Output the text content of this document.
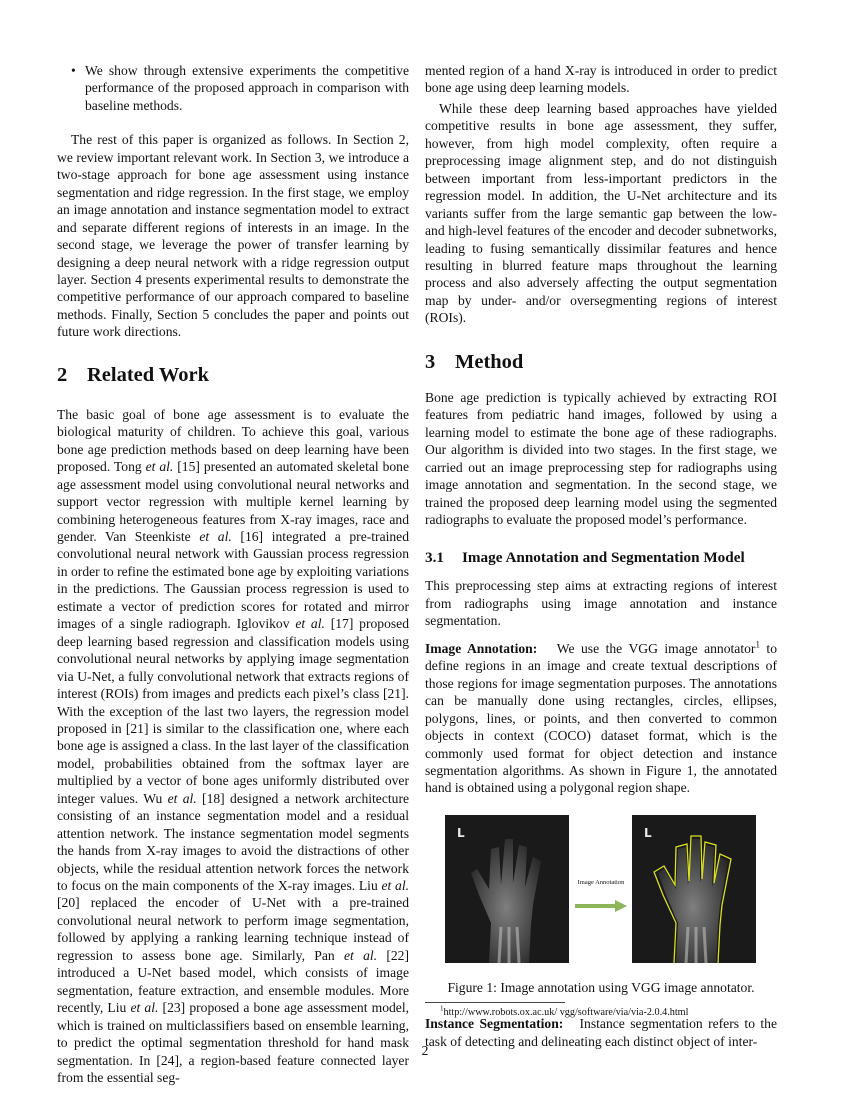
• We show through extensive experiments the competitive performance of the proposed approach in comparison with baseline methods.

The rest of this paper is organized as follows. In Section 2, we review important relevant work. In Section 3, we introduce a two-stage approach for bone age assessment using instance segmentation and ridge regression. In the first stage, we employ an image annotation and instance segmentation model to extract and separate different regions of interests in an image. In the second stage, we leverage the power of transfer learning by designing a deep neural network with a ridge regression output layer. Section 4 presents experimental results to demonstrate the competitive performance of our approach compared to baseline methods. Finally, Section 5 concludes the paper and points out future work directions.

2 Related Work

The basic goal of bone age assessment is to evaluate the biological maturity of children. To achieve this goal, various bone age prediction methods based on deep learning have been proposed. Tong et al. [15] presented an automated skeletal bone age assessment model using convolutional neural networks and support vector regression with multiple kernel learning by combining heterogeneous features from X-ray images, race and gender. Van Steenkiste et al. [16] integrated a pre-trained convolutional neural network with Gaussian process regression in order to refine the estimated bone age by exploiting variations in the predictions. The Gaussian process regression is used to estimate a vector of prediction scores for rotated and mirror images of a single radiograph. Iglovikov et al. [17] proposed deep learning based regression and classification models using convolutional neural networks by applying image segmentation via U-Net, a fully convolutional network that extracts regions of interest (ROIs) from images and predicts each pixel’s class [21]. With the exception of the last two layers, the regression model proposed in [21] is similar to the classification one, where each bone age is assigned a class. In the last layer of the classification model, probabilities obtained from the softmax layer are multiplied by a vector of bone ages uniformly distributed over integer values. Wu et al. [18] designed a network architecture consisting of an instance segmentation model and a residual attention network. The instance segmentation model segments the hands from X-ray images to avoid the distractions of other objects, while the residual attention network forces the network to focus on the main components of the X-ray images. Liu et al. [20] replaced the encoder of U-Net with a pre-trained convolutional neural network to perform image segmentation, followed by applying a ranking learning technique instead of regression to assess bone age. Similarly, Pan et al. [22] introduced a U-Net based model, which consists of image segmentation, feature extraction, and ensemble modules. More recently, Liu et al. [23] proposed a bone age assessment model, which is trained on multiclassifiers based on ensemble learning, to predict the optimal segmentation threshold for hand mask segmentation. In [24], a region-based feature connected layer from the essential seg-

mented region of a hand X-ray is introduced in order to predict bone age using deep learning models.

While these deep learning based approaches have yielded competitive results in bone age assessment, they suffer, however, from high model complexity, often require a preprocessing image alignment step, and do not distinguish between important from less-important predictors in the regression model. In addition, the U-Net architecture and its variants suffer from the large semantic gap between the low- and high-level features of the encoder and decoder subnetworks, leading to fusing semantically dissimilar features and hence resulting in blurred feature maps throughout the learning process and also adversely affecting the output segmentation map by under- and/or oversegmenting regions of interest (ROIs).

3 Method

Bone age prediction is typically achieved by extracting ROI features from pediatric hand images, followed by using a learning model to estimate the bone age of these radiographs. Our algorithm is divided into two stages. In the first stage, we carried out an image preprocessing step for radiographs using image annotation and segmentation. In the second stage, we trained the proposed deep learning model using the segmented radiographs to evaluate the proposed model’s performance.

3.1 Image Annotation and Segmentation Model

This preprocessing step aims at extracting regions of interest from radiographs using image annotation and instance segmentation.

Image Annotation: We use the VGG image annotator$^1$ to define regions in an image and create textual descriptions of those regions for image segmentation purposes. The annotations can be manually done using rectangles, circles, ellipses, polygons, lines, or points, and then converted to common objects in context (COCO) dataset format, which is the commonly used format for object detection and instance segmentation algorithms. As shown in Figure 1, the annotated hand is obtained using a polygonal region shape.

L
Image Annotation
L

Figure 1: Image annotation using VGG image annotator.

Instance Segmentation: Instance segmentation refers to the task of detecting and delineating each distinct object of inter-

$^1$http://www.robots.ox.ac.uk/ vgg/software/via/via-2.0.4.html
2
